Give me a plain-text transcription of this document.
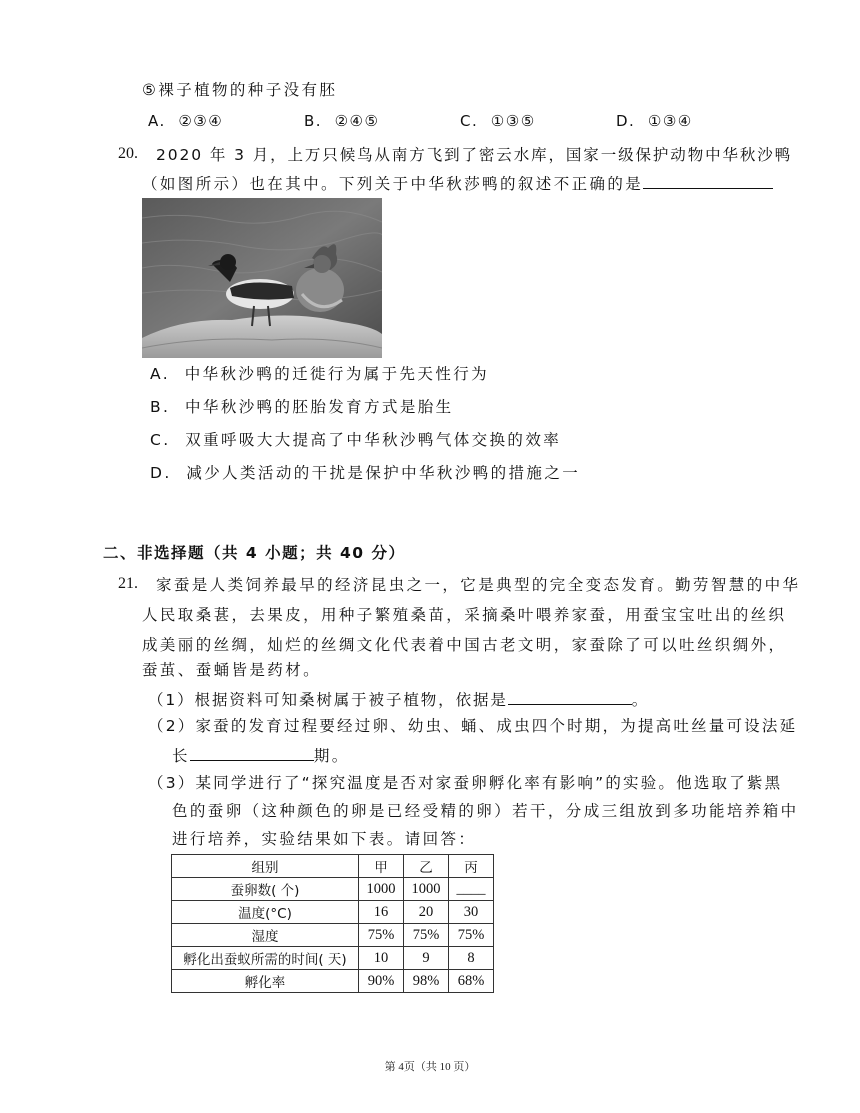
⑤裸子植物的种子没有胚
A. ②③④	B. ②④⑤	C. ①③⑤	D. ①③④
20. 2020 年 3 月，上万只候鸟从南方飞到了密云水库，国家一级保护动物中华秋沙鸭
（如图所示）也在其中。下列关于中华秋莎鸭的叙述不正确的是
A. 中华秋沙鸭的迁徙行为属于先天性行为
B. 中华秋沙鸭的胚胎发育方式是胎生
C. 双重呼吸大大提高了中华秋沙鸭气体交换的效率
D. 减少人类活动的干扰是保护中华秋沙鸭的措施之一
二、非选择题（共 4 小题；共 40 分）
21. 家蚕是人类饲养最早的经济昆虫之一，它是典型的完全变态发育。勤劳智慧的中华
人民取桑葚，去果皮，用种子繁殖桑苗，采摘桑叶喂养家蚕，用蚕宝宝吐出的丝织
成美丽的丝绸，灿烂的丝绸文化代表着中国古老文明，家蚕除了可以吐丝织绸外，
蚕茧、蚕蛹皆是药材。
（1）根据资料可知桑树属于被子植物，依据是	。
（2）家蚕的发育过程要经过卵、幼虫、蛹、成虫四个时期，为提高吐丝量可设法延
长	期。
（3）某同学进行了“探究温度是否对家蚕卵孵化率有影响”的实验。他选取了紫黑
色的蚕卵（这种颜色的卵是已经受精的卵）若干，分成三组放到多功能培养箱中
进行培养，实验结果如下表。请回答：
组别	甲	乙	丙
蚕卵数( 个)	1000	1000	____
温度(°C)	16	20	30
湿度	75%	75%	75%
孵化出蚕蚁所需的时间( 天)	10	9	8
孵化率	90%	98%	68%
第 4页（共 10 页）
